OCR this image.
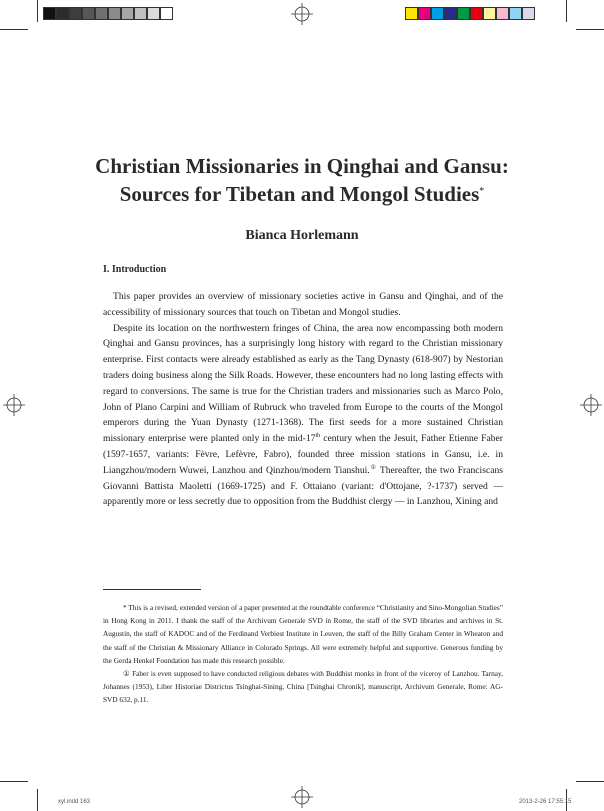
Christian Missionaries in Qinghai and Gansu:
Sources for Tibetan and Mongol Studies*
Bianca Horlemann
I. Introduction

This paper provides an overview of missionary societies active in Gansu and Qinghai, and of the accessibility of missionary sources that touch on Tibetan and Mongol studies.

Despite its location on the northwestern fringes of China, the area now encompassing both modern Qinghai and Gansu provinces, has a surprisingly long history with regard to the Christian missionary enterprise. First contacts were already established as early as the Tang Dynasty (618-907) by Nestorian traders doing business along the Silk Roads. However, these encounters had no long lasting effects with regard to conversions. The same is true for the Christian traders and missionaries such as Marco Polo, John of Plano Carpini and William of Rubruck who traveled from Europe to the courts of the Mongol emperors during the Yuan Dynasty (1271-1368). The first seeds for a more sustained Christian missionary enterprise were planted only in the mid-17th century when the Jesuit, Father Etienne Faber (1597-1657, variants: Fèvre, Lefèvre, Fabro), founded three mission stations in Gansu, i.e. in Liangzhou/modern Wuwei, Lanzhou and Qinzhou/modern Tianshui.① Thereafter, the two Franciscans Giovanni Battista Maoletti (1669-1725) and F. Ottaiano (variant: d'Ottojane, ?-1737) served — apparently more or less secretly due to opposition from the Buddhist clergy — in Lanzhou, Xining and

* This is a revised, extended version of a paper presented at the roundtable conference “Christianity and Sino-Mongolian Studies” in Hong Kong in 2011. I thank the staff of the Archivum Generale SVD in Rome, the staff of the SVD libraries and archives in St. Augustin, the staff of KADOC and of the Ferdinand Verbiest Institute in Leuven, the staff of the Billy Graham Center in Wheaton and the staff of the Christian & Missionary Alliance in Colorado Springs. All were extremely helpful and supportive. Generous funding by the Gerda Henkel Foundation has made this research possible.

① Faber is even supposed to have conducted religious debates with Buddhist monks in front of the viceroy of Lanzhou. Tarnay, Johannes (1953), Liber Historiae Districtus Tsinghai-Sining, China [Tsinghai Chronik], manuscript, Archivum Generale, Rome: AG-SVD 632, p.11.

xyl.indd 163	2013-2-26 17:55:15
